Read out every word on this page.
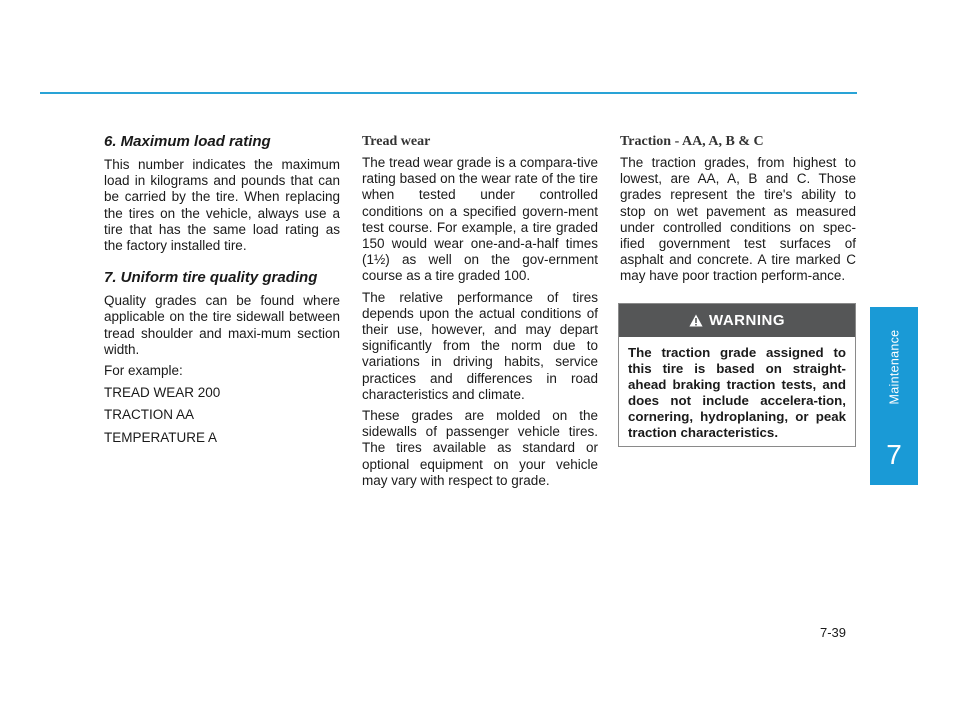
6. Maximum load rating
This number indicates the maximum load in kilograms and pounds that can be carried by the tire. When replacing the tires on the vehicle, always use a tire that has the same load rating as the factory installed tire.
7. Uniform tire quality grading
Quality grades can be found where applicable on the tire sidewall between tread shoulder and maxi-mum section width.
For example:
TREAD WEAR 200
TRACTION AA
TEMPERATURE A
Tread wear
The tread wear grade is a compara-tive rating based on the wear rate of the tire when tested under controlled conditions on a specified govern-ment test course. For example, a tire graded 150 would wear one-and-a-half times (1½) as well on the gov-ernment course as a tire graded 100.
The relative performance of tires depends upon the actual conditions of their use, however, and may depart significantly from the norm due to variations in driving habits, service practices and differences in road characteristics and climate.
These grades are molded on the sidewalls of passenger vehicle tires. The tires available as standard or optional equipment on your vehicle may vary with respect to grade.
Traction - AA, A, B & C
The traction grades, from highest to lowest, are AA, A, B and C. Those grades represent the tire's ability to stop on wet pavement as measured under controlled conditions on spec-ified government test surfaces of asphalt and concrete. A tire marked C may have poor traction perform-ance.
WARNING
The traction grade assigned to this tire is based on straight-ahead braking traction tests, and does not include accelera-tion, cornering, hydroplaning, or peak traction characteristics.
Maintenance
7
7-39
